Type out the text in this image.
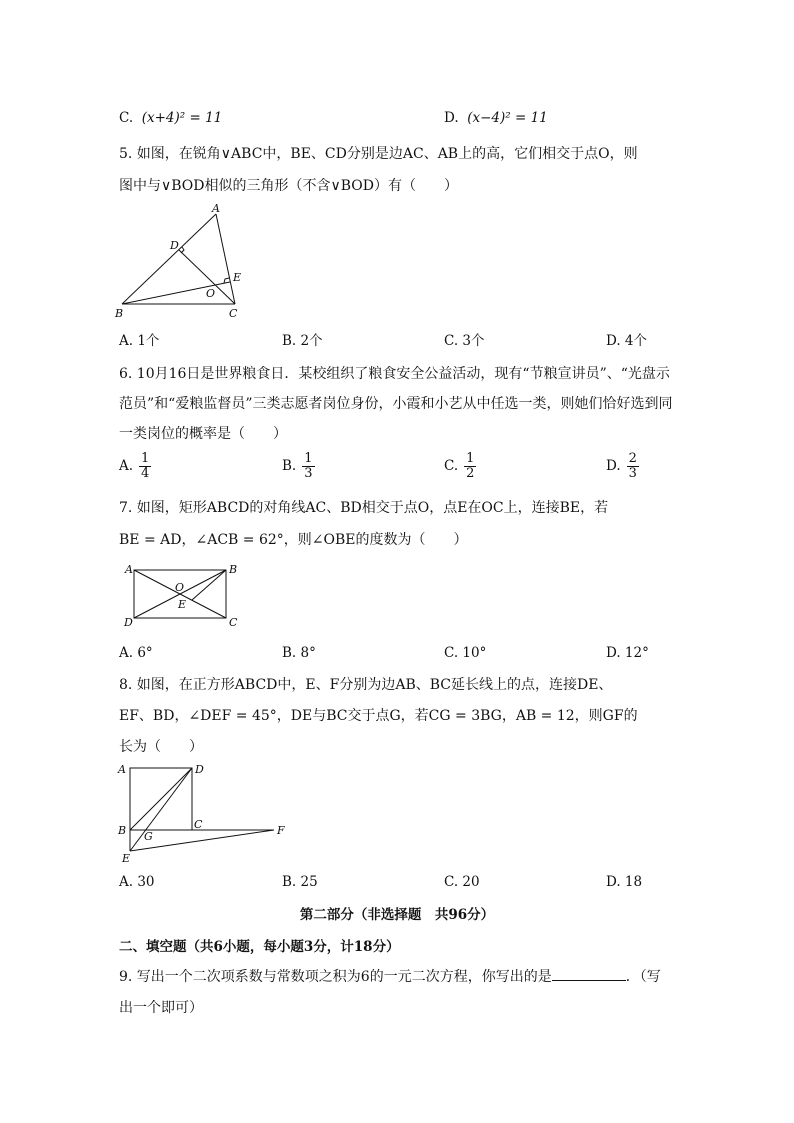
C. (x+4)² = 11	D. (x−4)² = 11
5. 如图，在锐角∨ABC中，BE、CD分别是边AC、AB上的高，它们相交于点O，则
图中与∨BOD相似的三角形（不含∨BOD）有（　　）
A
D
E
O
B	C
A. 1个	B. 2个	C. 3个	D. 4个
6. 10月16日是世界粮食日．某校组织了粮食安全公益活动，现有“节粮宣讲员”、“光盘示
范员”和“爱粮监督员”三类志愿者岗位身份，小霞和小艺从中任选一类，则她们恰好选到同
一类岗位的概率是（　　）
A. $\frac{1}{4}$	B. $\frac{1}{3}$	C. $\frac{1}{2}$	D. $\frac{2}{3}$
7. 如图，矩形ABCD的对角线AC、BD相交于点O，点E在OC上，连接BE，若
BE = AD，∠ACB = 62°，则∠OBE的度数为（　　）
A	B
O
E
D	C
A. 6°	B. 8°	C. 10°	D. 12°
8. 如图，在正方形ABCD中，E、F分别为边AB、BC延长线上的点，连接DE、
EF、BD，∠DEF = 45°，DE与BC交于点G，若CG = 3BG，AB = 12，则GF的
长为（　　）
A	D
B G
C	F
E
A. 30	B. 25	C. 20	D. 18
第二部分（非选择题　共96分）
二、填空题（共6小题，每小题3分，计18分）
9. 写出一个二次项系数与常数项之积为6的一元二次方程，你写出的是	．（写
出一个即可）
